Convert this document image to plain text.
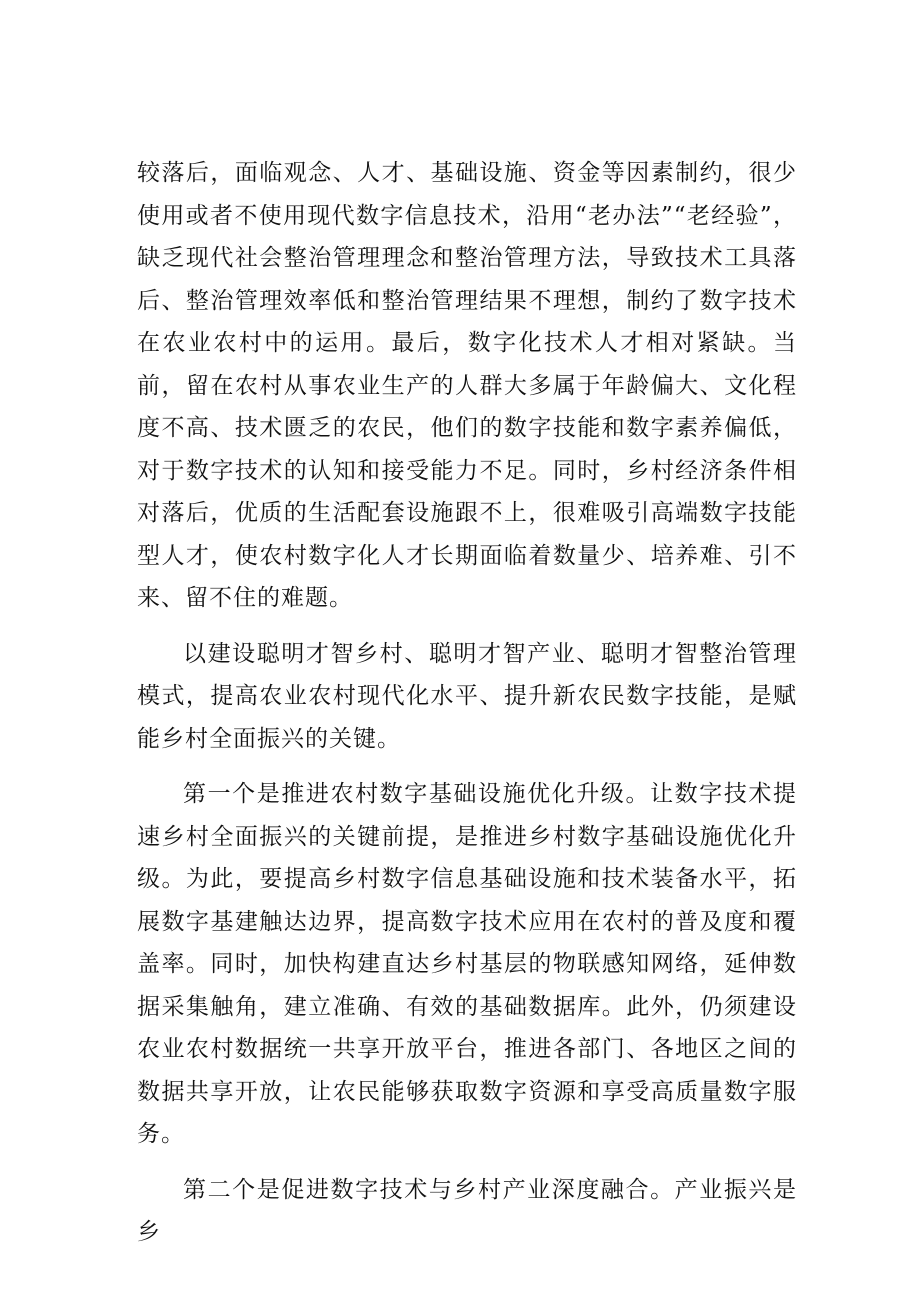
较落后，面临观念、人才、基础设施、资金等因素制约，很少使用或者不使用现代数字信息技术，沿用“老办法”“老经验”，缺乏现代社会整治管理理念和整治管理方法，导致技术工具落后、整治管理效率低和整治管理结果不理想，制约了数字技术在农业农村中的运用。最后，数字化技术人才相对紧缺。当前，留在农村从事农业生产的人群大多属于年龄偏大、文化程度不高、技术匮乏的农民，他们的数字技能和数字素养偏低，对于数字技术的认知和接受能力不足。同时，乡村经济条件相对落后，优质的生活配套设施跟不上，很难吸引高端数字技能型人才，使农村数字化人才长期面临着数量少、培养难、引不来、留不住的难题。

以建设聪明才智乡村、聪明才智产业、聪明才智整治管理模式，提高农业农村现代化水平、提升新农民数字技能，是赋能乡村全面振兴的关键。

第一个是推进农村数字基础设施优化升级。让数字技术提速乡村全面振兴的关键前提，是推进乡村数字基础设施优化升级。为此，要提高乡村数字信息基础设施和技术装备水平，拓展数字基建触达边界，提高数字技术应用在农村的普及度和覆盖率。同时，加快构建直达乡村基层的物联感知网络，延伸数据采集触角，建立准确、有效的基础数据库。此外，仍须建设农业农村数据统一共享开放平台，推进各部门、各地区之间的数据共享开放，让农民能够获取数字资源和享受高质量数字服务。

第二个是促进数字技术与乡村产业深度融合。产业振兴是乡
